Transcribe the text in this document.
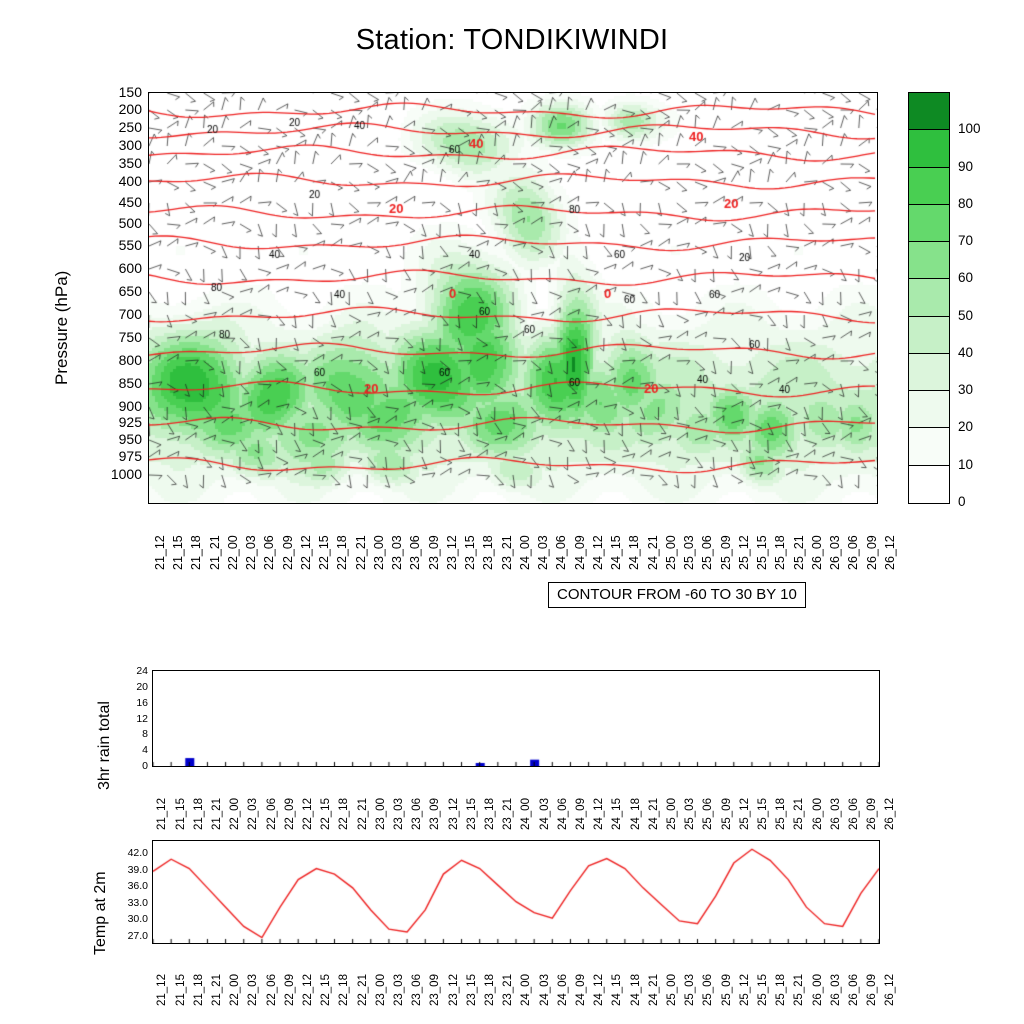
Station: TONDIKIWINDI
Pressure (hPa)
150
200
250
300
350
400
450
500
550
600
650
700
750
800
850
900
925
950
975
1000
21_12 21_15 21_18 21_21 22_00 22_03 22_06 22_09 22_12 22_15 22_18 22_21 23_00 23_03 23_06 23_09 23_12 23_15 23_18 23_21 24_00 24_03 24_06 24_09 24_12 24_15 24_18 24_21 25_00 25_03 25_06 25_09 25_12 25_15 25_18 25_21 26_00 26_03 26_06 26_09 26_12
100
90
80
70
60
50
40
30
20
10
0
CONTOUR FROM -60 TO 30 BY 10
3hr rain total	0
4
8
12
16
20
24
21_12 21_15 21_18 21_21 22_00 22_03 22_06 22_09 22_12 22_15 22_18 22_21 23_00 23_03 23_06 23_09 23_12 23_15 23_18 23_21 24_00 24_03 24_06 24_09 24_12 24_15 24_18 24_21 25_00 25_03 25_06 25_09 25_12 25_15 25_18 25_21 26_00 26_03 26_06 26_09 26_12
Temp at 2m	27.0
30.0
33.0
36.0
39.0
42.0
21_12 21_15 21_18 21_21 22_00 22_03 22_06 22_09 22_12 22_15 22_18 22_21 23_00 23_03 23_06 23_09 23_12 23_15 23_18 23_21 24_00 24_03 24_06 24_09 24_12 24_15 24_18 24_21 25_00 25_03 25_06 25_09 25_12 25_15 25_18 25_21 26_00 26_03 26_06 26_09 26_12
